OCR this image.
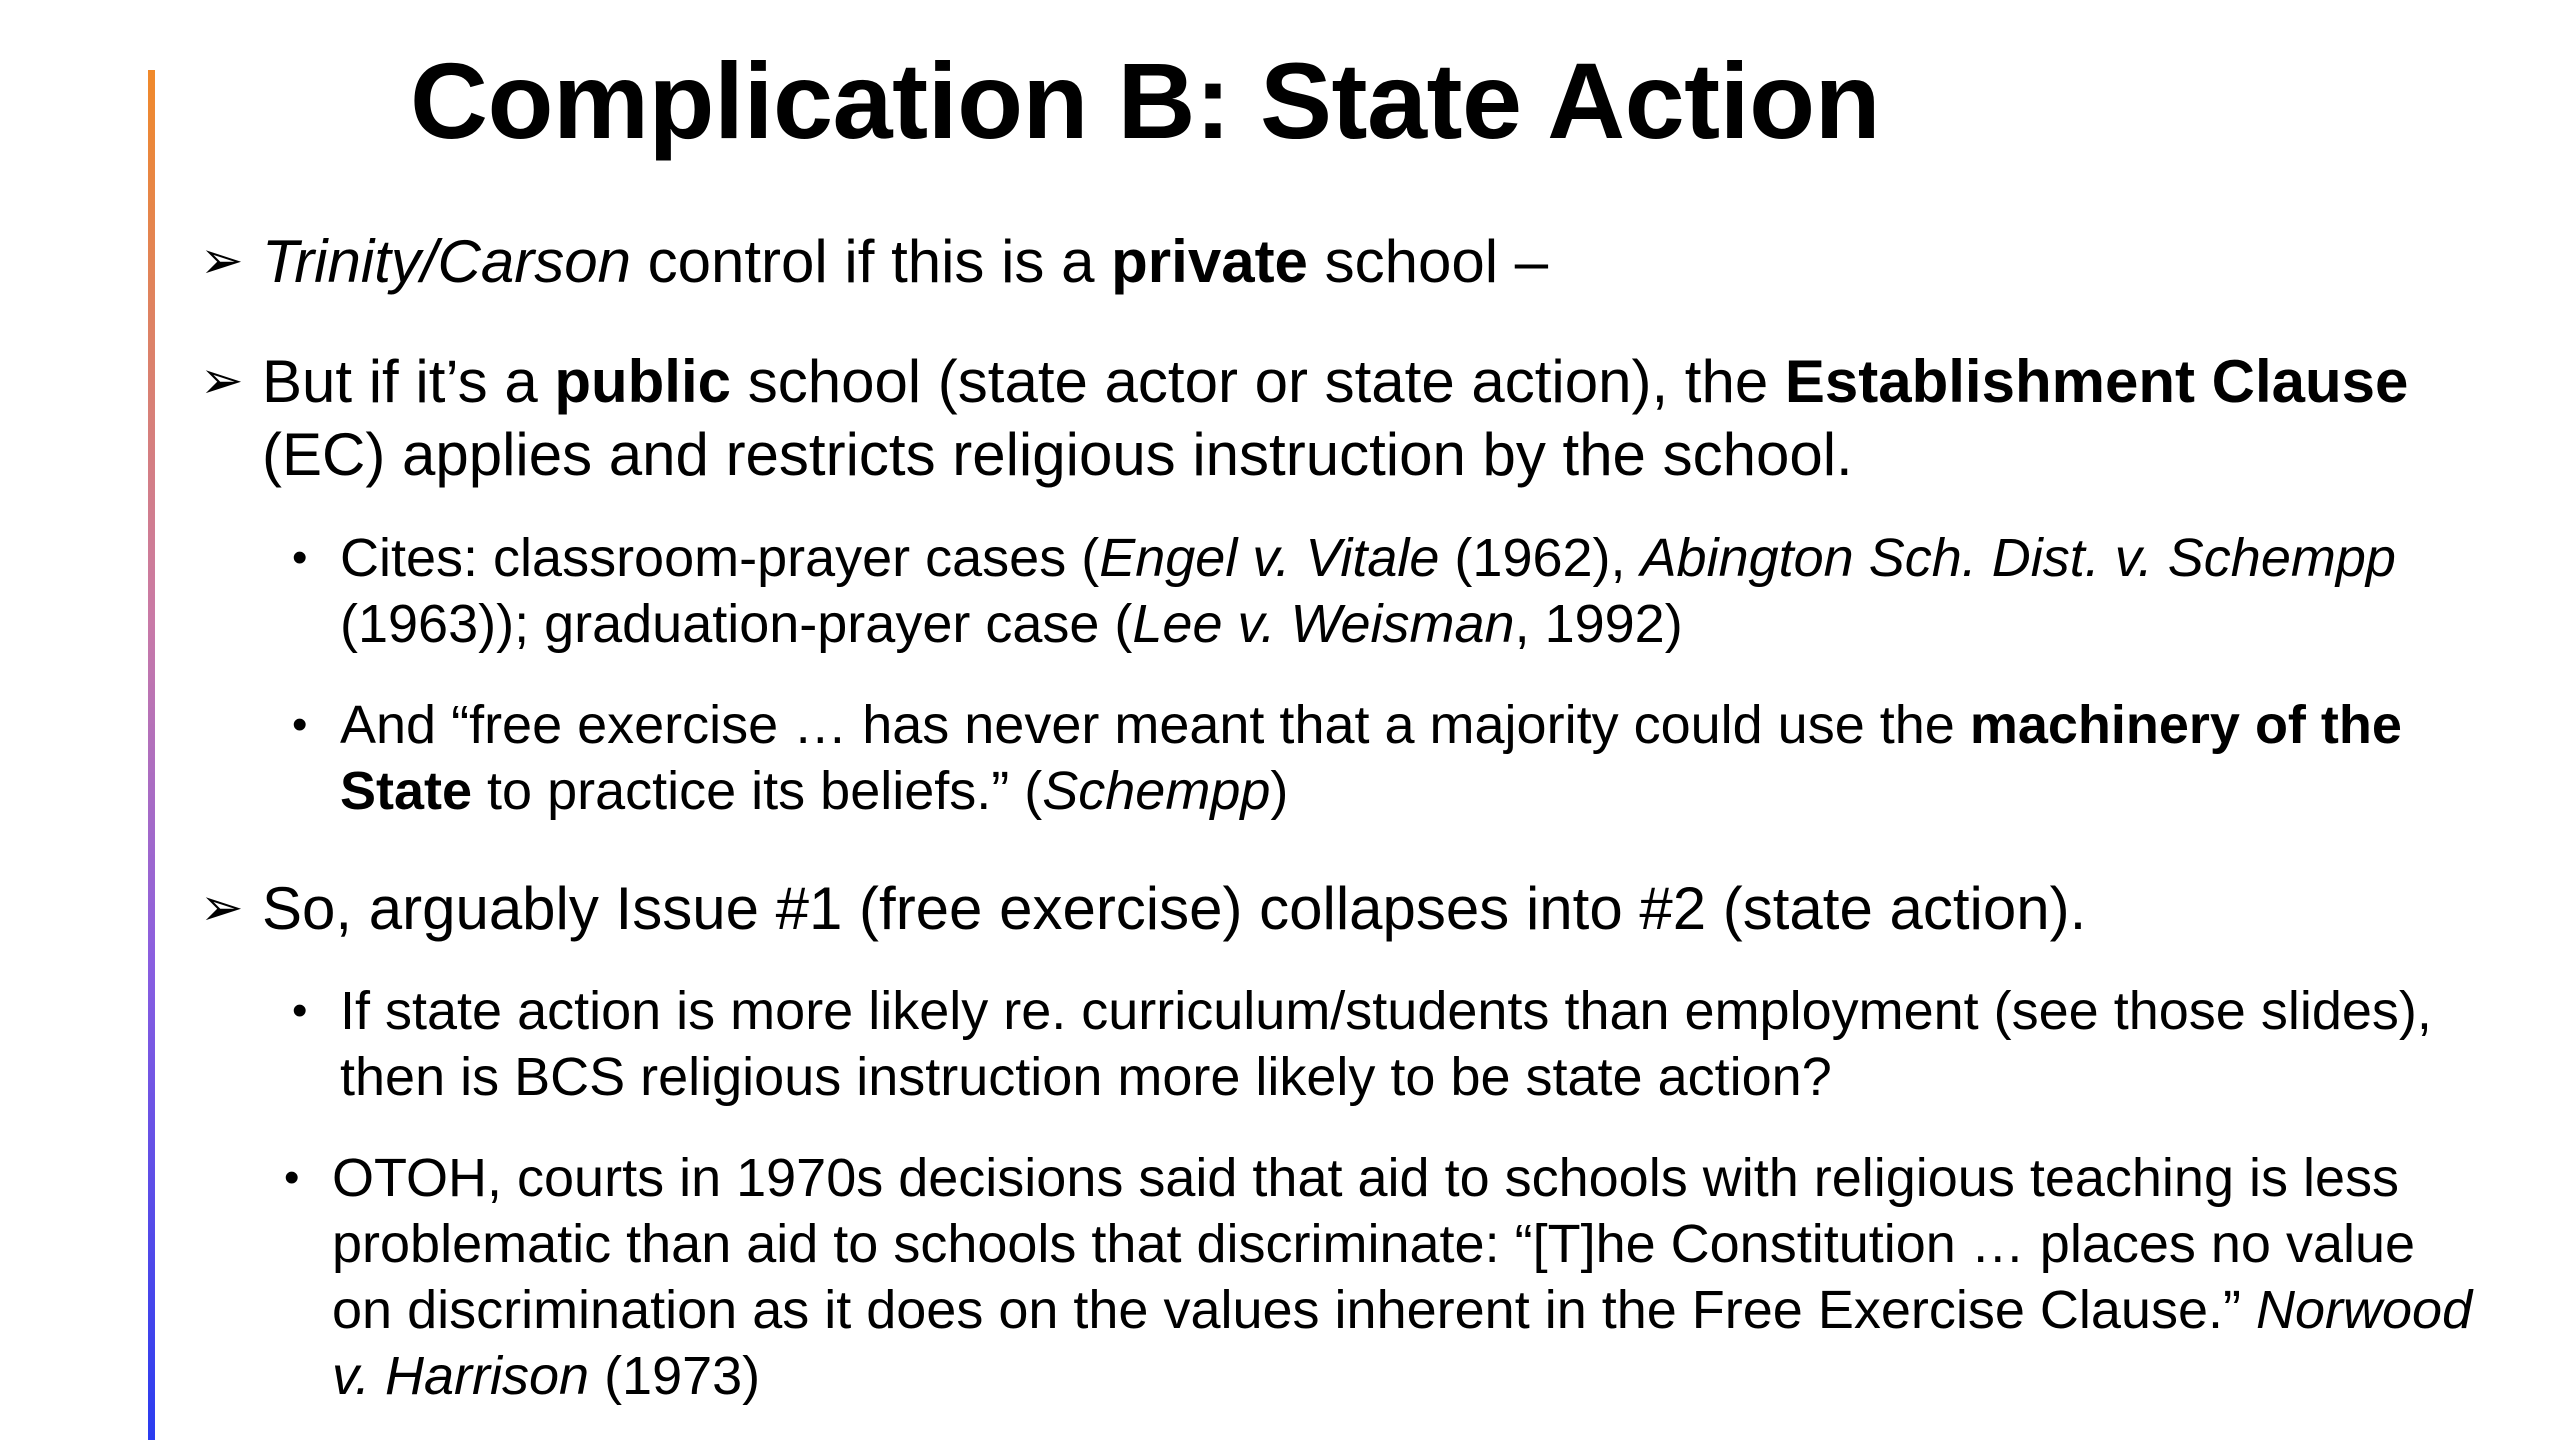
Complication B: State Action
➢ Trinity/Carson control if this is a private school –
➢ But if it’s a public school (state actor or state action), the Establishment Clause (EC) applies and restricts religious instruction by the school.
• Cites: classroom-prayer cases (Engel v. Vitale (1962), Abington Sch. Dist. v. Schempp (1963)); graduation-prayer case (Lee v. Weisman, 1992)
• And “free exercise … has never meant that a majority could use the machinery of the State to practice its beliefs.” (Schempp)
➢ So, arguably Issue #1 (free exercise) collapses into #2 (state action).
• If state action is more likely re. curriculum/students than employment (see those slides), then is BCS religious instruction more likely to be state action?
• OTOH, courts in 1970s decisions said that aid to schools with religious teaching is less problematic than aid to schools that discriminate: “[T]he Constitution … places no value on discrimination as it does on the values inherent in the Free Exercise Clause.” Norwood v. Harrison (1973)
